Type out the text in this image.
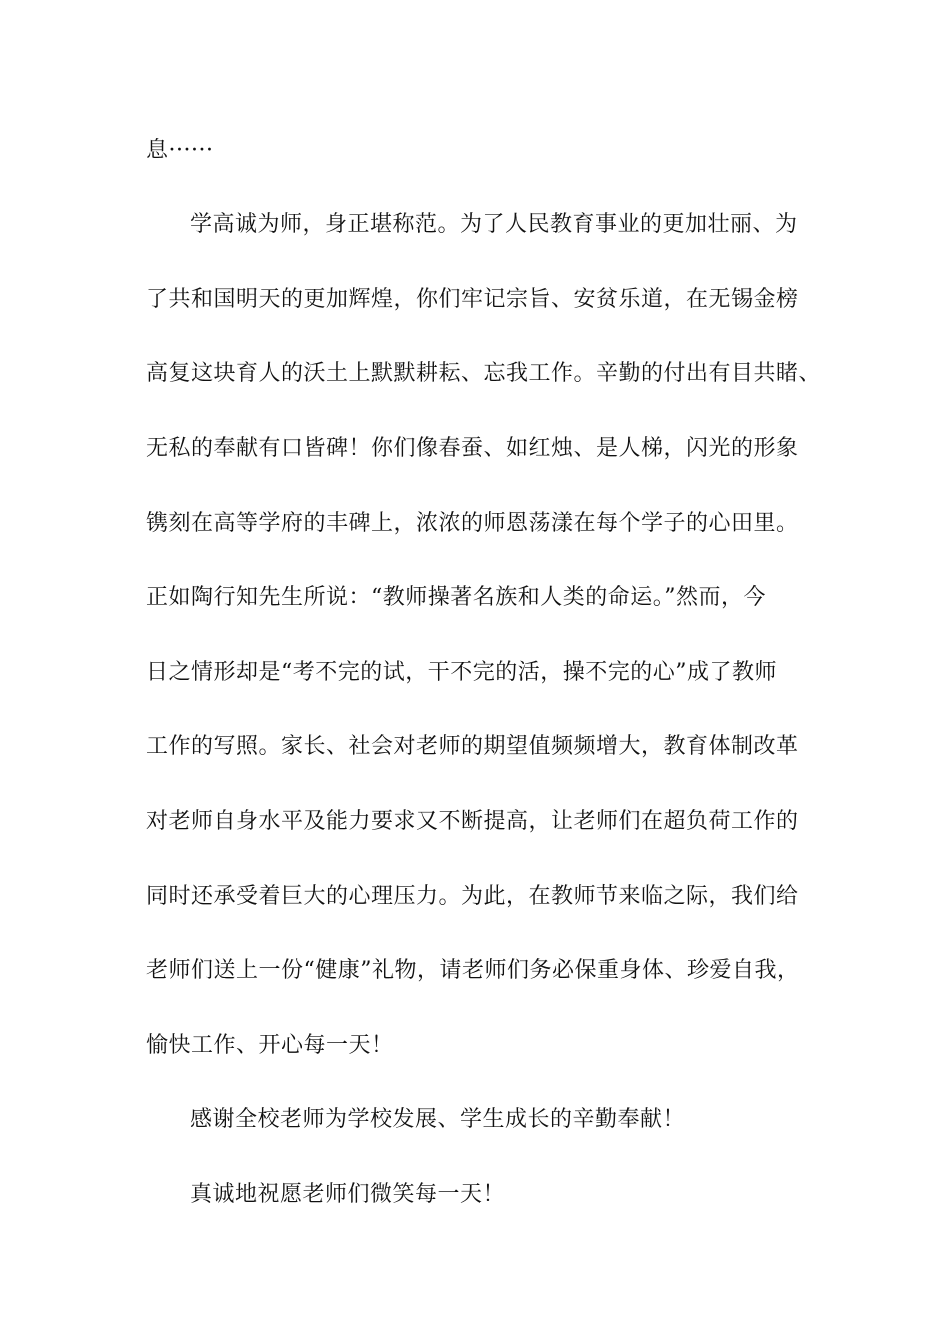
息······
学高诚为师，身正堪称范。为了人民教育事业的更加壮丽、为
了共和国明天的更加辉煌，你们牢记宗旨、安贫乐道，在无锡金榜
高复这块育人的沃土上默默耕耘、忘我工作。辛勤的付出有目共睹、
无私的奉献有口皆碑！你们像春蚕、如红烛、是人梯，闪光的形象
镌刻在高等学府的丰碑上，浓浓的师恩荡漾在每个学子的心田里。
正如陶行知先生所说：“教师操著名族和人类的命运。”然而，今
日之情形却是“考不完的试，干不完的活，操不完的心”成了教师
工作的写照。家长、社会对老师的期望值频频增大，教育体制改革
对老师自身水平及能力要求又不断提高，让老师们在超负荷工作的
同时还承受着巨大的心理压力。为此，在教师节来临之际，我们给
老师们送上一份“健康”礼物，请老师们务必保重身体、珍爱自我，
愉快工作、开心每一天！
感谢全校老师为学校发展、学生成长的辛勤奉献！
真诚地祝愿老师们微笑每一天！
